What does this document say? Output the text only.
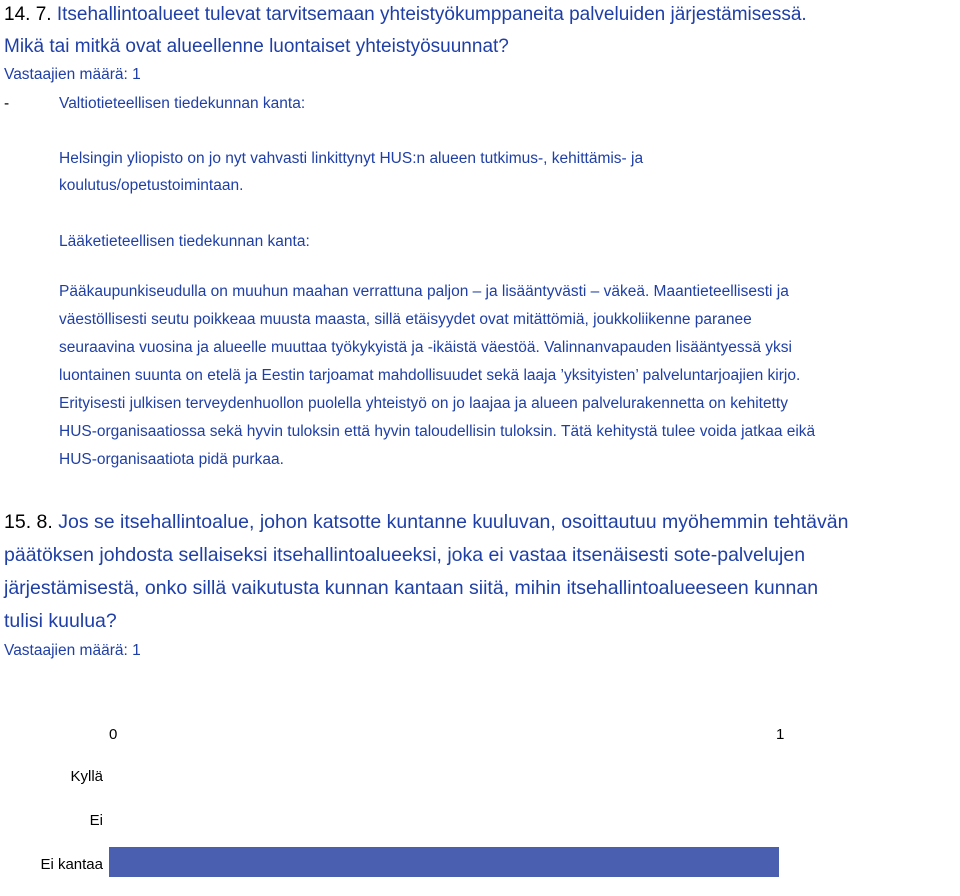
14. 7. Itsehallintoalueet tulevat tarvitsemaan yhteistyökumppaneita palveluiden järjestämisessä.
Mikä tai mitkä ovat alueellenne luontaiset yhteistyösuunnat?
Vastaajien määrä: 1
-	Valtiotieteellisen tiedekunnan kanta:
Helsingin yliopisto on jo nyt vahvasti linkittynyt HUS:n alueen tutkimus-, kehittämis- ja
koulutus/opetustoimintaan.
Lääketieteellisen tiedekunnan kanta:
Pääkaupunkiseudulla on muuhun maahan verrattuna paljon – ja lisääntyvästi – väkeä. Maantieteellisesti ja
väestöllisesti seutu poikkeaa muusta maasta, sillä etäisyydet ovat mitättömiä, joukkoliikenne paranee
seuraavina vuosina ja alueelle muuttaa työkykyistä ja -ikäistä väestöä. Valinnanvapauden lisääntyessä yksi
luontainen suunta on etelä ja Eestin tarjoamat mahdollisuudet sekä laaja ’yksityisten’ palveluntarjoajien kirjo.
Erityisesti julkisen terveydenhuollon puolella yhteistyö on jo laajaa ja alueen palvelurakennetta on kehitetty
HUS-organisaatiossa sekä hyvin tuloksin että hyvin taloudellisin tuloksin. Tätä kehitystä tulee voida jatkaa eikä
HUS-organisaatiota pidä purkaa.
15. 8. Jos se itsehallintoalue, johon katsotte kuntanne kuuluvan, osoittautuu myöhemmin tehtävän
päätöksen johdosta sellaiseksi itsehallintoalueeksi, joka ei vastaa itsenäisesti sote-palvelujen
järjestämisestä, onko sillä vaikutusta kunnan kantaan siitä, mihin itsehallintoalueeseen kunnan
tulisi kuulua?
Vastaajien määrä: 1
0	1
Kyllä
Ei
Ei kantaa
